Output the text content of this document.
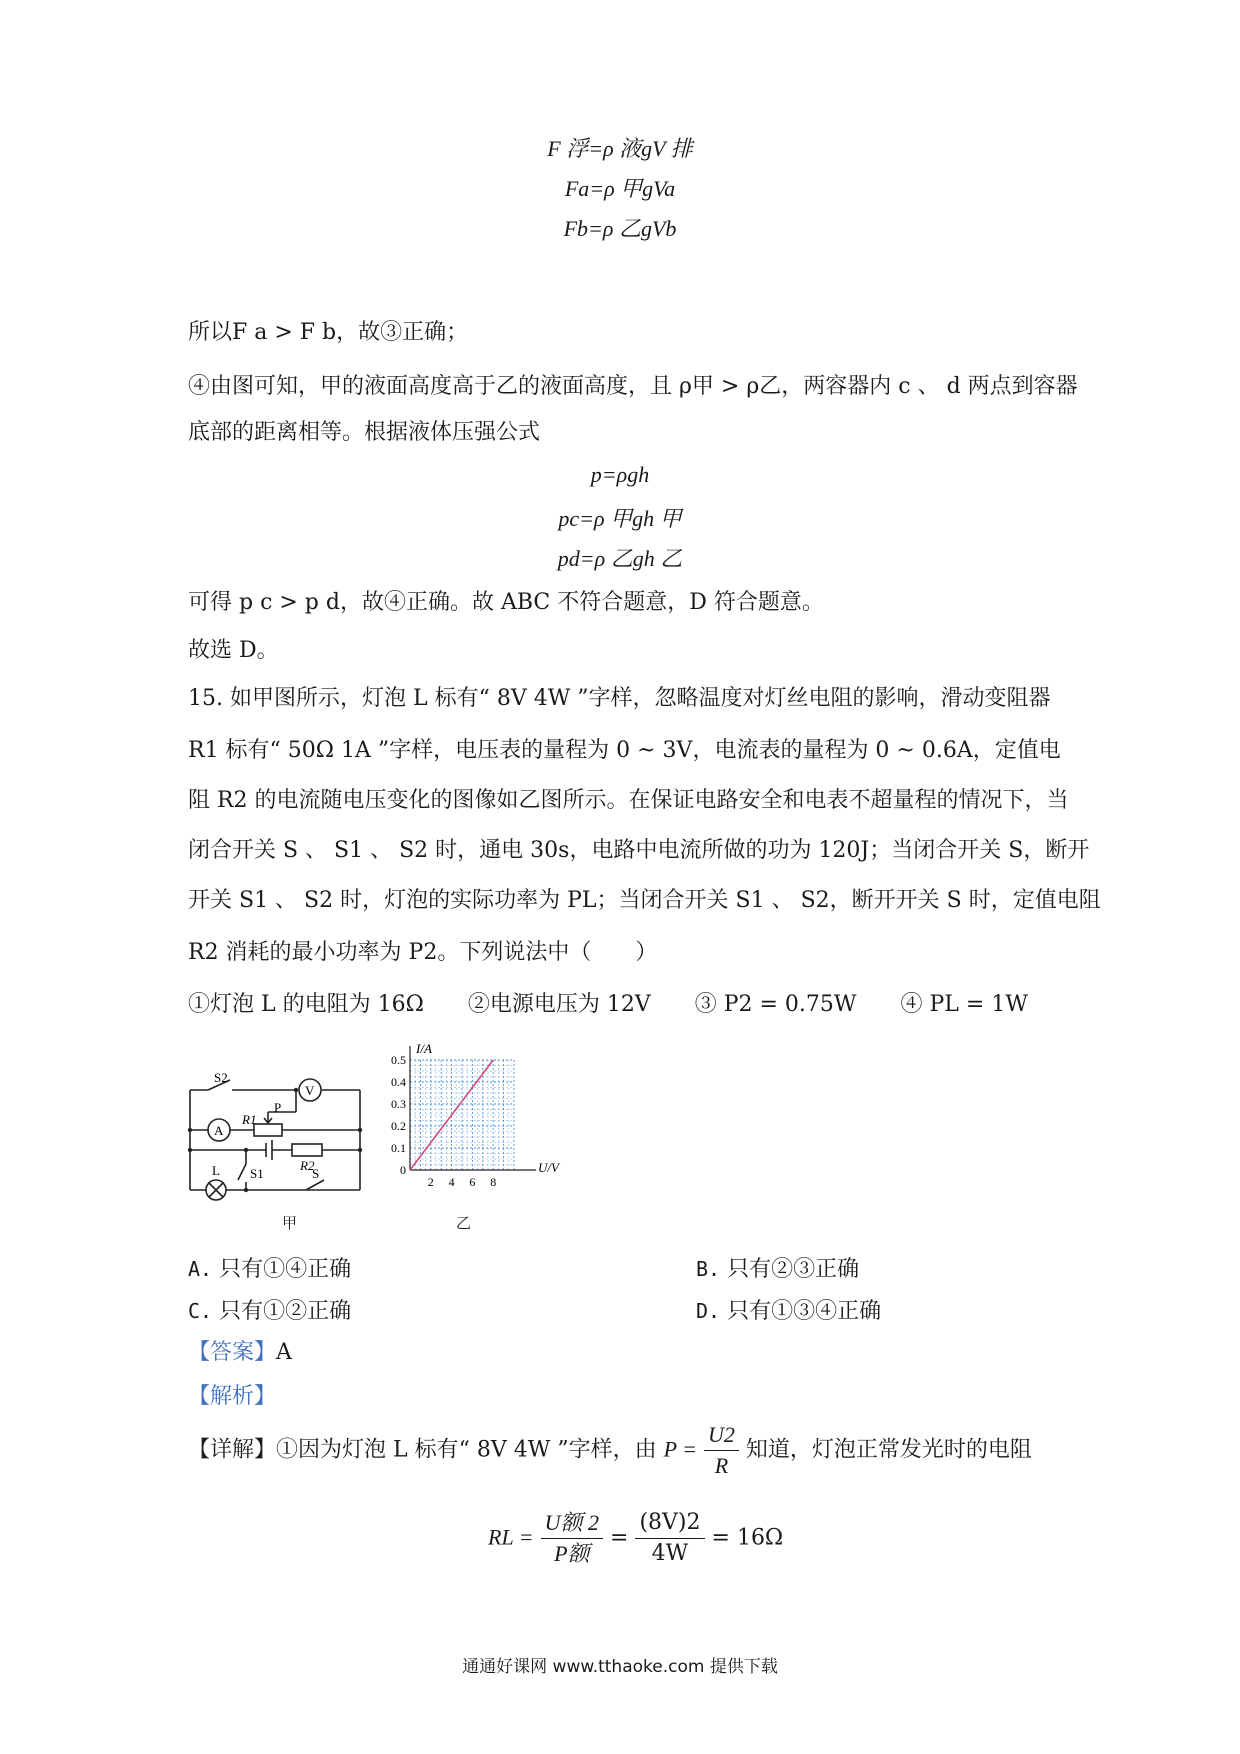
F 浮=ρ 液gV 排
Fa=ρ 甲gVa
Fb=ρ 乙gVb
所以F a > F b，故③正确；
④由图可知，甲的液面高度高于乙的液面高度，且 ρ甲 > ρ乙，两容器内 c 、 d 两点到容器
底部的距离相等。根据液体压强公式
p=ρgh
pc=ρ 甲gh 甲
pd=ρ 乙gh 乙
可得 p c > p d，故④正确。故 ABC 不符合题意，D 符合题意。
故选 D。
15. 如甲图所示，灯泡 L 标有“ 8V 4W ”字样，忽略温度对灯丝电阻的影响，滑动变阻器
R1 标有“ 50Ω 1A ”字样，电压表的量程为 0 ~ 3V，电流表的量程为 0 ~ 0.6A，定值电
阻 R2 的电流随电压变化的图像如乙图所示。在保证电路安全和电表不超量程的情况下，当
闭合开关 S 、 S1 、 S2 时，通电 30s，电路中电流所做的功为 120J；当闭合开关 S，断开
开关 S1 、 S2 时，灯泡的实际功率为 PL；当闭合开关 S1 、 S2，断开开关 S 时，定值电阻
R2 消耗的最小功率为 P2。下列说法中（　　）
①灯泡 L 的电阻为 16Ω　　②电源电压为 12V　　③ P2 = 0.75W　　④ PL = 1W
S2
V
R1
P
A
R2
L S1	S
甲
0.5
0.4
0.3
0.2
0.1
0
2 4 6 8
I/A
U/V
乙
A. 只有①④正确	B. 只有②③正确
C. 只有①②正确	D. 只有①③④正确
【答案】A
【解析】
【详解】①因为灯泡 L 标有“ 8V 4W ”字样，由 $P = \frac{U2}{R}$ 知道，灯泡正常发光时的电阻
RL = $\frac{\text{U额 2}}{\text{P额}} = \frac{(8V)2}{4W} = 16\Omega$
通通好课网 www.tthaoke.com 提供下载
